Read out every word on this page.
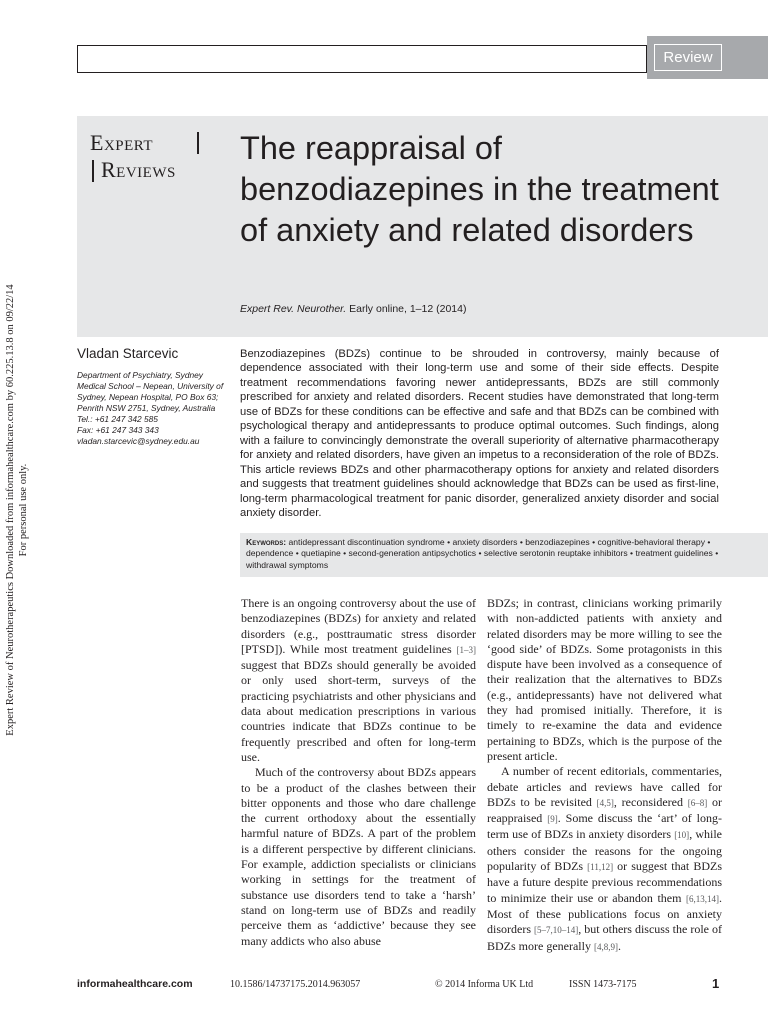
Review
Expert Review of Neurotherapeutics Downloaded from informahealthcare.com by 60.225.13.8 on 09/22/14 For personal use only.
Expert
Reviews
The reappraisal of benzodiazepines in the treatment of anxiety and related disorders
Expert Rev. Neurother. Early online, 1–12 (2014)
Vladan Starcevic
Department of Psychiatry, Sydney
Medical School – Nepean, University of
Sydney, Nepean Hospital, PO Box 63;
Penrith NSW 2751, Sydney, Australia
Tel.: +61 247 342 585
Fax: +61 247 343 343
vladan.starcevic@sydney.edu.au

Benzodiazepines (BDZs) continue to be shrouded in controversy, mainly because of dependence associated with their long-term use and some of their side effects. Despite treatment recommendations favoring newer antidepressants, BDZs are still commonly prescribed for anxiety and related disorders. Recent studies have demonstrated that long-term use of BDZs for these conditions can be effective and safe and that BDZs can be combined with psychological therapy and antidepressants to produce optimal outcomes. Such findings, along with a failure to convincingly demonstrate the overall superiority of alternative pharmacotherapy for anxiety and related disorders, have given an impetus to a reconsideration of the role of BDZs. This article reviews BDZs and other pharmacotherapy options for anxiety and related disorders and suggests that treatment guidelines should acknowledge that BDZs can be used as first-line, long-term pharmacological treatment for panic disorder, generalized anxiety disorder and social anxiety disorder.

Keywords: antidepressant discontinuation syndrome • anxiety disorders • benzodiazepines • cognitive-behavioral therapy • dependence • quetiapine • second-generation antipsychotics • selective serotonin reuptake inhibitors • treatment guidelines • withdrawal symptoms

There is an ongoing controversy about the use of benzodiazepines (BDZs) for anxiety and related disorders (e.g., posttraumatic stress disorder [PTSD]). While most treatment guidelines [1–3] suggest that BDZs should generally be avoided or only used short-term, surveys of the practicing psychiatrists and other physicians and data about medication prescriptions in various countries indicate that BDZs continue to be frequently prescribed and often for long-term use.

Much of the controversy about BDZs appears to be a product of the clashes between their bitter opponents and those who dare challenge the current orthodoxy about the essentially harmful nature of BDZs. A part of the problem is a different perspective by different clinicians. For example, addiction specialists or clinicians working in settings for the treatment of substance use disorders tend to take a ‘harsh’ stand on long-term use of BDZs and readily perceive them as ‘addictive’ because they see many addicts who also abuse

BDZs; in contrast, clinicians working primarily with non-addicted patients with anxiety and related disorders may be more willing to see the ‘good side’ of BDZs. Some protagonists in this dispute have been involved as a consequence of their realization that the alternatives to BDZs (e.g., antidepressants) have not delivered what they had promised initially. Therefore, it is timely to re-examine the data and evidence pertaining to BDZs, which is the purpose of the present article.

A number of recent editorials, commentaries, debate articles and reviews have called for BDZs to be revisited [4,5], reconsidered [6–8] or reappraised [9]. Some discuss the ‘art’ of long-term use of BDZs in anxiety disorders [10], while others consider the reasons for the ongoing popularity of BDZs [11,12] or suggest that BDZs have a future despite previous recommendations to minimize their use or abandon them [6,13,14]. Most of these publications focus on anxiety disorders [5–7,10–14], but others discuss the role of BDZs more generally [4,8,9].

informahealthcare.com	10.1586/14737175.2014.963057	© 2014 Informa UK Ltd	ISSN 1473-7175	1
